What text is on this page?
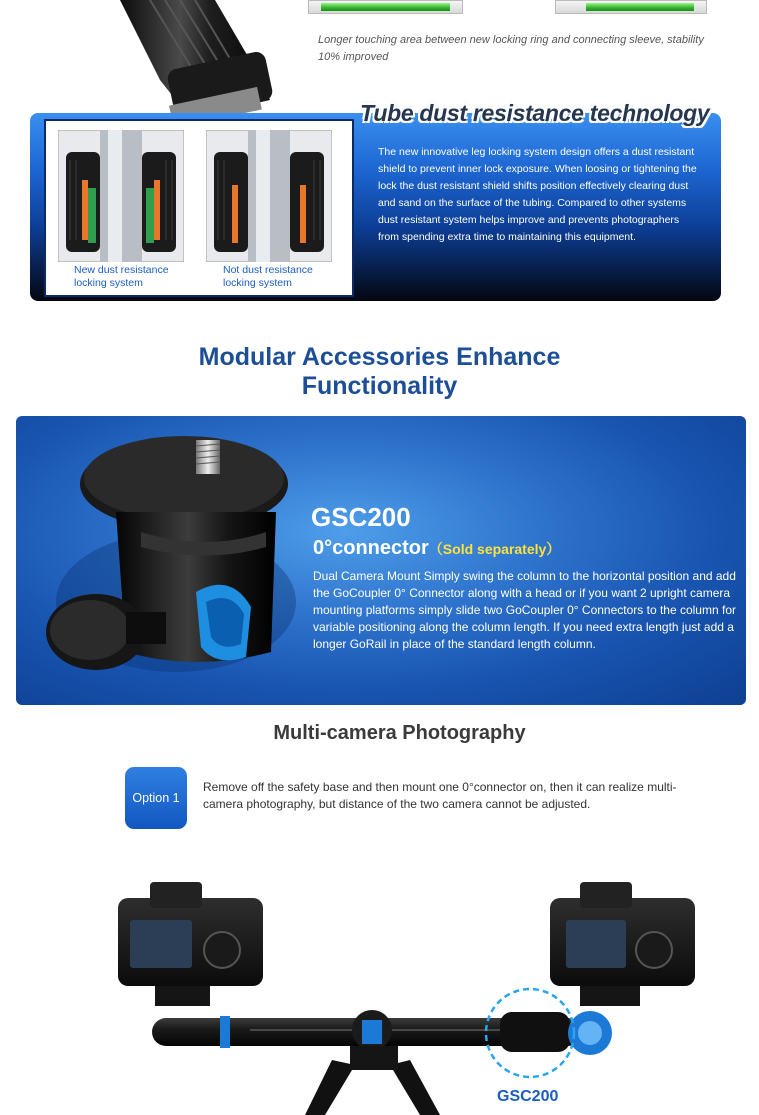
Longer touching area between new locking ring and connecting sleeve, stability 10% improved

New dust resistance locking system

Not dust resistance locking system

Tube dust resistance technology

The new innovative leg locking system design offers a dust resistant shield to prevent inner lock exposure. When loosing or tightening the lock the dust resistant shield shifts position effectively clearing dust and sand on the surface of the tubing. Compared to other systems dust resistant system helps improve and prevents photographers from spending extra time to maintaining this equipment.

Modular Accessories Enhance
Functionality
GSC200
0°connector（Sold separately）

Dual Camera Mount Simply swing the column to the horizontal position and add the GoCoupler 0° Connector along with a head or if you want 2 upright camera mounting platforms simply slide two GoCoupler 0° Connectors to the column for variable positioning along the column length. If you need extra length just add a longer GoRail in place of the standard length column.

Multi-camera Photography
Option 1

Remove off the safety base and then mount one 0°connector on, then it can realize multi-camera photography, but distance of the two camera cannot be adjusted.

GSC200
